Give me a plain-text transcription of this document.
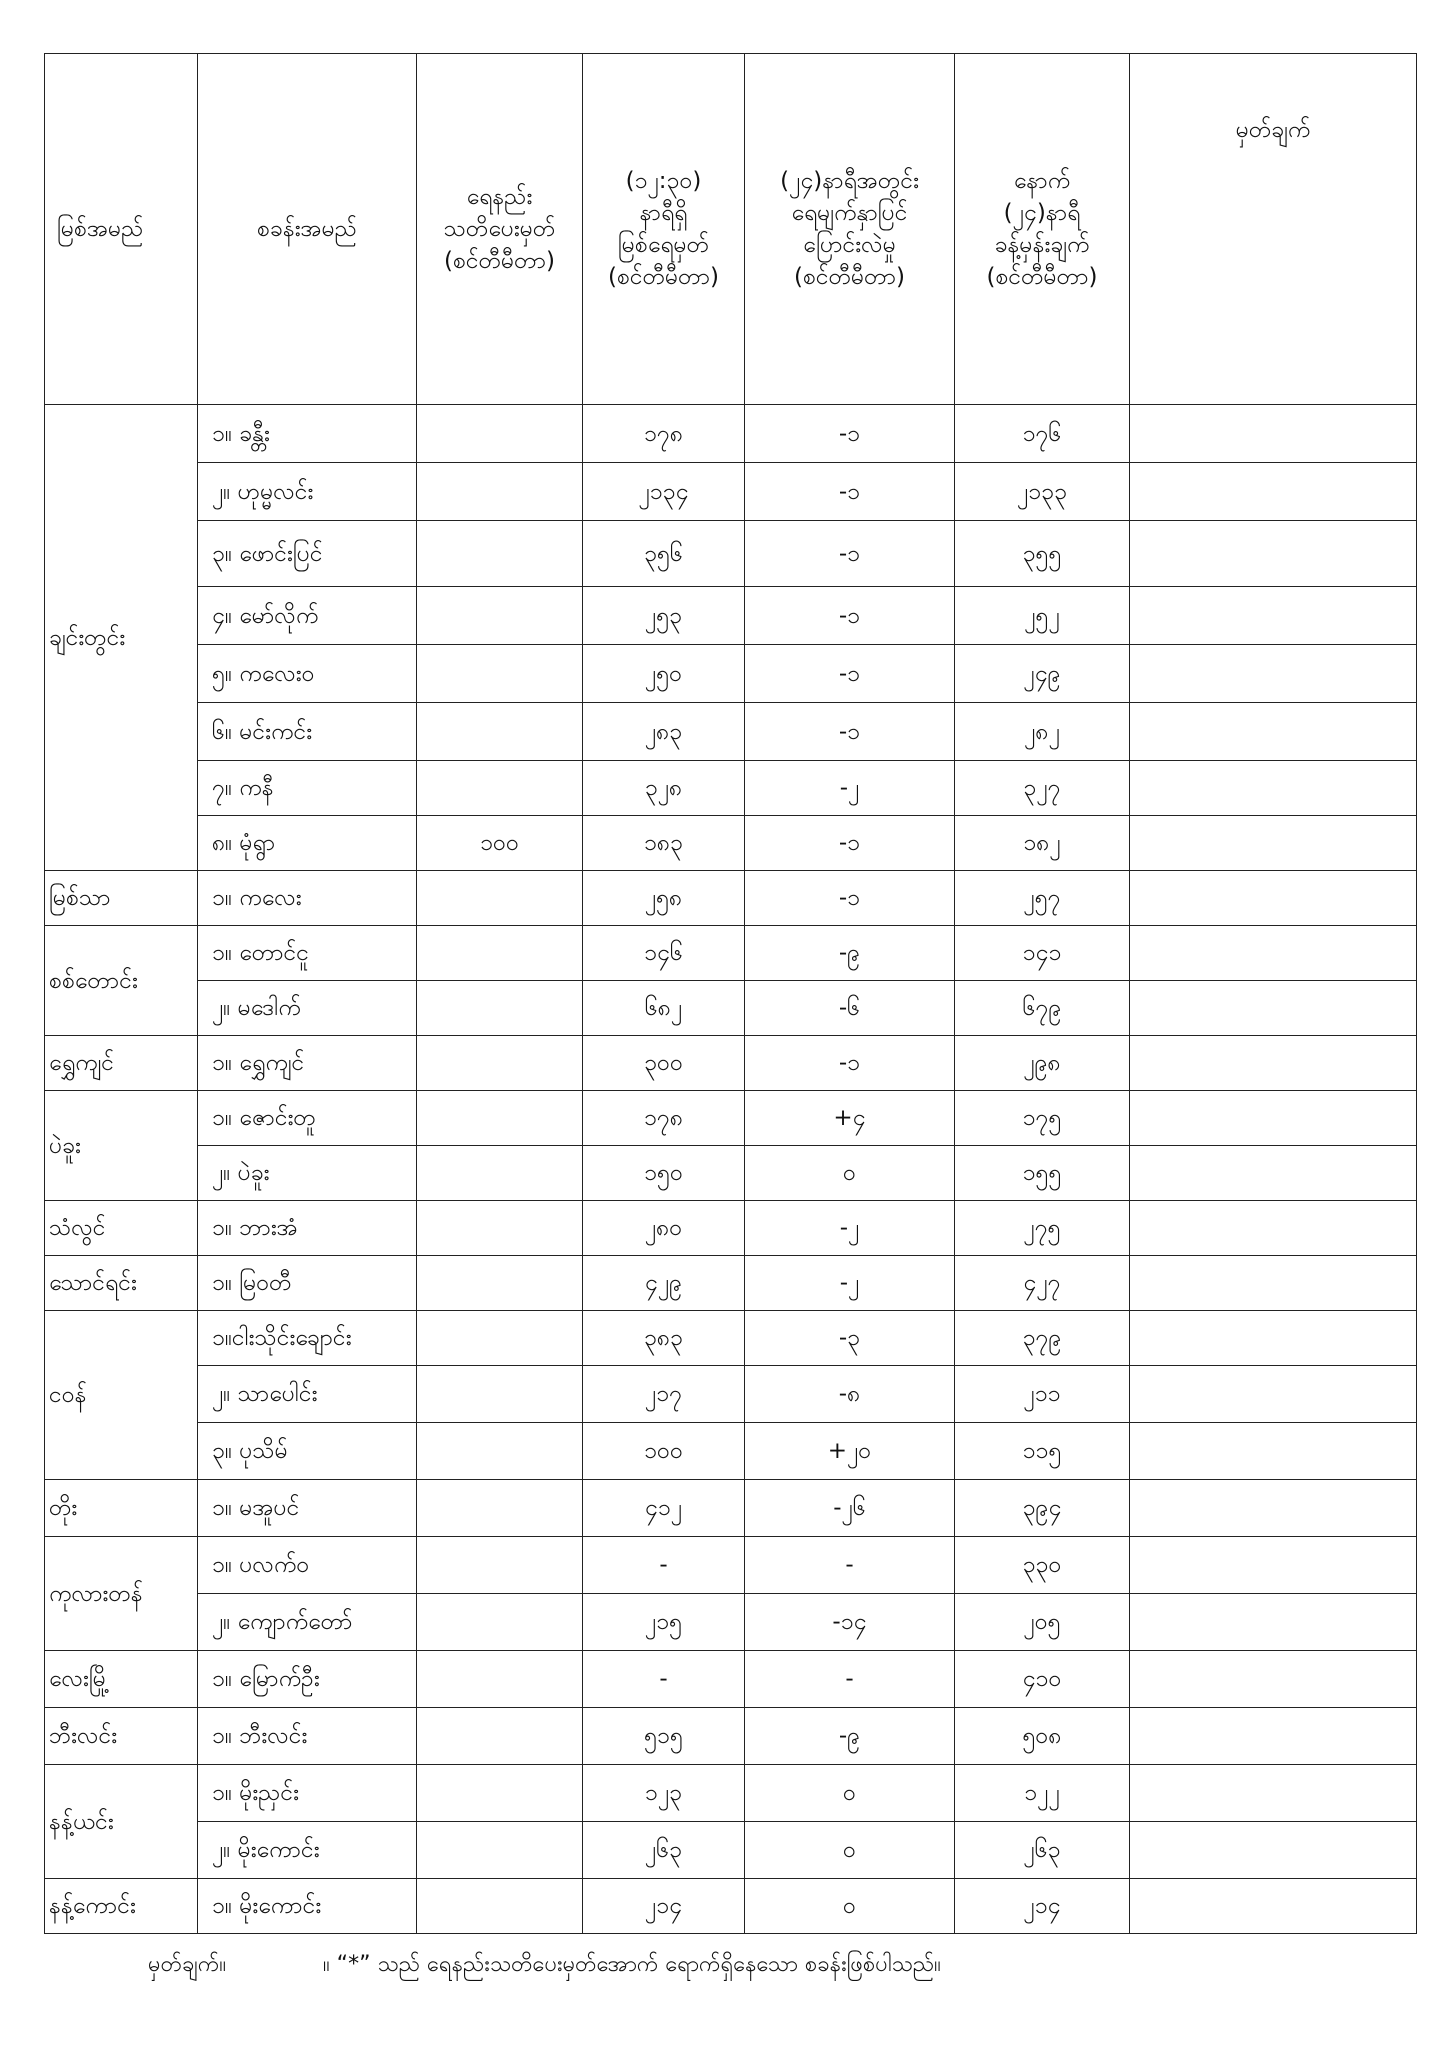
မြစ်အမည်	စခန်းအမည်	ရေနည်း
သတိပေးမှတ်
(စင်တီမီတာ)	(၁၂:၃၀)
နာရီရှိ
မြစ်ရေမှတ်
(စင်တီမီတာ)	(၂၄)နာရီအတွင်း
ရေမျက်နှာပြင်
ပြောင်းလဲမှု
(စင်တီမီတာ)	နောက်
(၂၄)နာရီ
ခန့်မှန်းချက်
(စင်တီမီတာ)	မှတ်ချက်
ချင်းတွင်း	၁။ ခန္တီး		၁၇၈	-၁	၁၇၆	
	၂။ ဟုမ္မလင်း		၂၁၃၄	-၁	၂၁၃၃	
	၃။ ဖောင်းပြင်		၃၅၆	-၁	၃၅၅	
	၄။ မော်လိုက်		၂၅၃	-၁	၂၅၂	
	၅။ ကလေးဝ		၂၅၀	-၁	၂၄၉	
	၆။ မင်းကင်း		၂၈၃	-၁	၂၈၂	
	၇။ ကနီ		၃၂၈	-၂	၃၂၇	
	၈။ မုံရွာ	၁၀၀	၁၈၃	-၁	၁၈၂	
မြစ်သာ	၁။ ကလေး		၂၅၈	-၁	၂၅၇	
စစ်တောင်း	၁။ တောင်ငူ		၁၄၆	-၉	၁၄၁	
	၂။ မဒေါက်		၆၈၂	-၆	၆၇၉	
ရွှေကျင်	၁။ ရွှေကျင်		၃၀၀	-၁	၂၉၈	
ပဲခူး	၁။ ဇောင်းတူ		၁၇၈	+၄	၁၇၅	
	၂။ ပဲခူး		၁၅၀	၀	၁၅၅	
သံလွင်	၁။ ဘားအံ		၂၈၀	-၂	၂၇၅	
သောင်ရင်း	၁။ မြဝတီ		၄၂၉	-၂	၄၂၇	
ငဝန်	၁။ငါးသိုင်းချောင်း		၃၈၃	-၃	၃၇၉	
	၂။ သာပေါင်း		၂၁၇	-၈	၂၁၁	
	၃။ ပုသိမ်		၁၀၀	+၂၀	၁၁၅	
တိုး	၁။ မအူပင်		၄၁၂	-၂၆	၃၉၄	
ကုလားတန်	၁။ ပလက်ဝ		-	-	၃၃၀	
	၂။ ကျောက်တော်		၂၁၅	-၁၄	၂၀၅	
လေးမြို့	၁။ မြောက်ဦး		-	-	၄၁၀	
ဘီးလင်း	၁။ ဘီးလင်း		၅၁၅	-၉	၅၀၈	
နန့်ယင်း	၁။ မိုးညှင်း		၁၂၃	၀	၁၂၂	
	၂။ မိုးကောင်း		၂၆၃	၀	၂၆၃	
နန့်ကောင်း	၁။ မိုးကောင်း		၂၁၄	၀	၂၁၄	
မှတ်ချက်။	။ “*” သည် ရေနည်းသတိပေးမှတ်အောက် ရောက်ရှိနေသော စခန်းဖြစ်ပါသည်။
